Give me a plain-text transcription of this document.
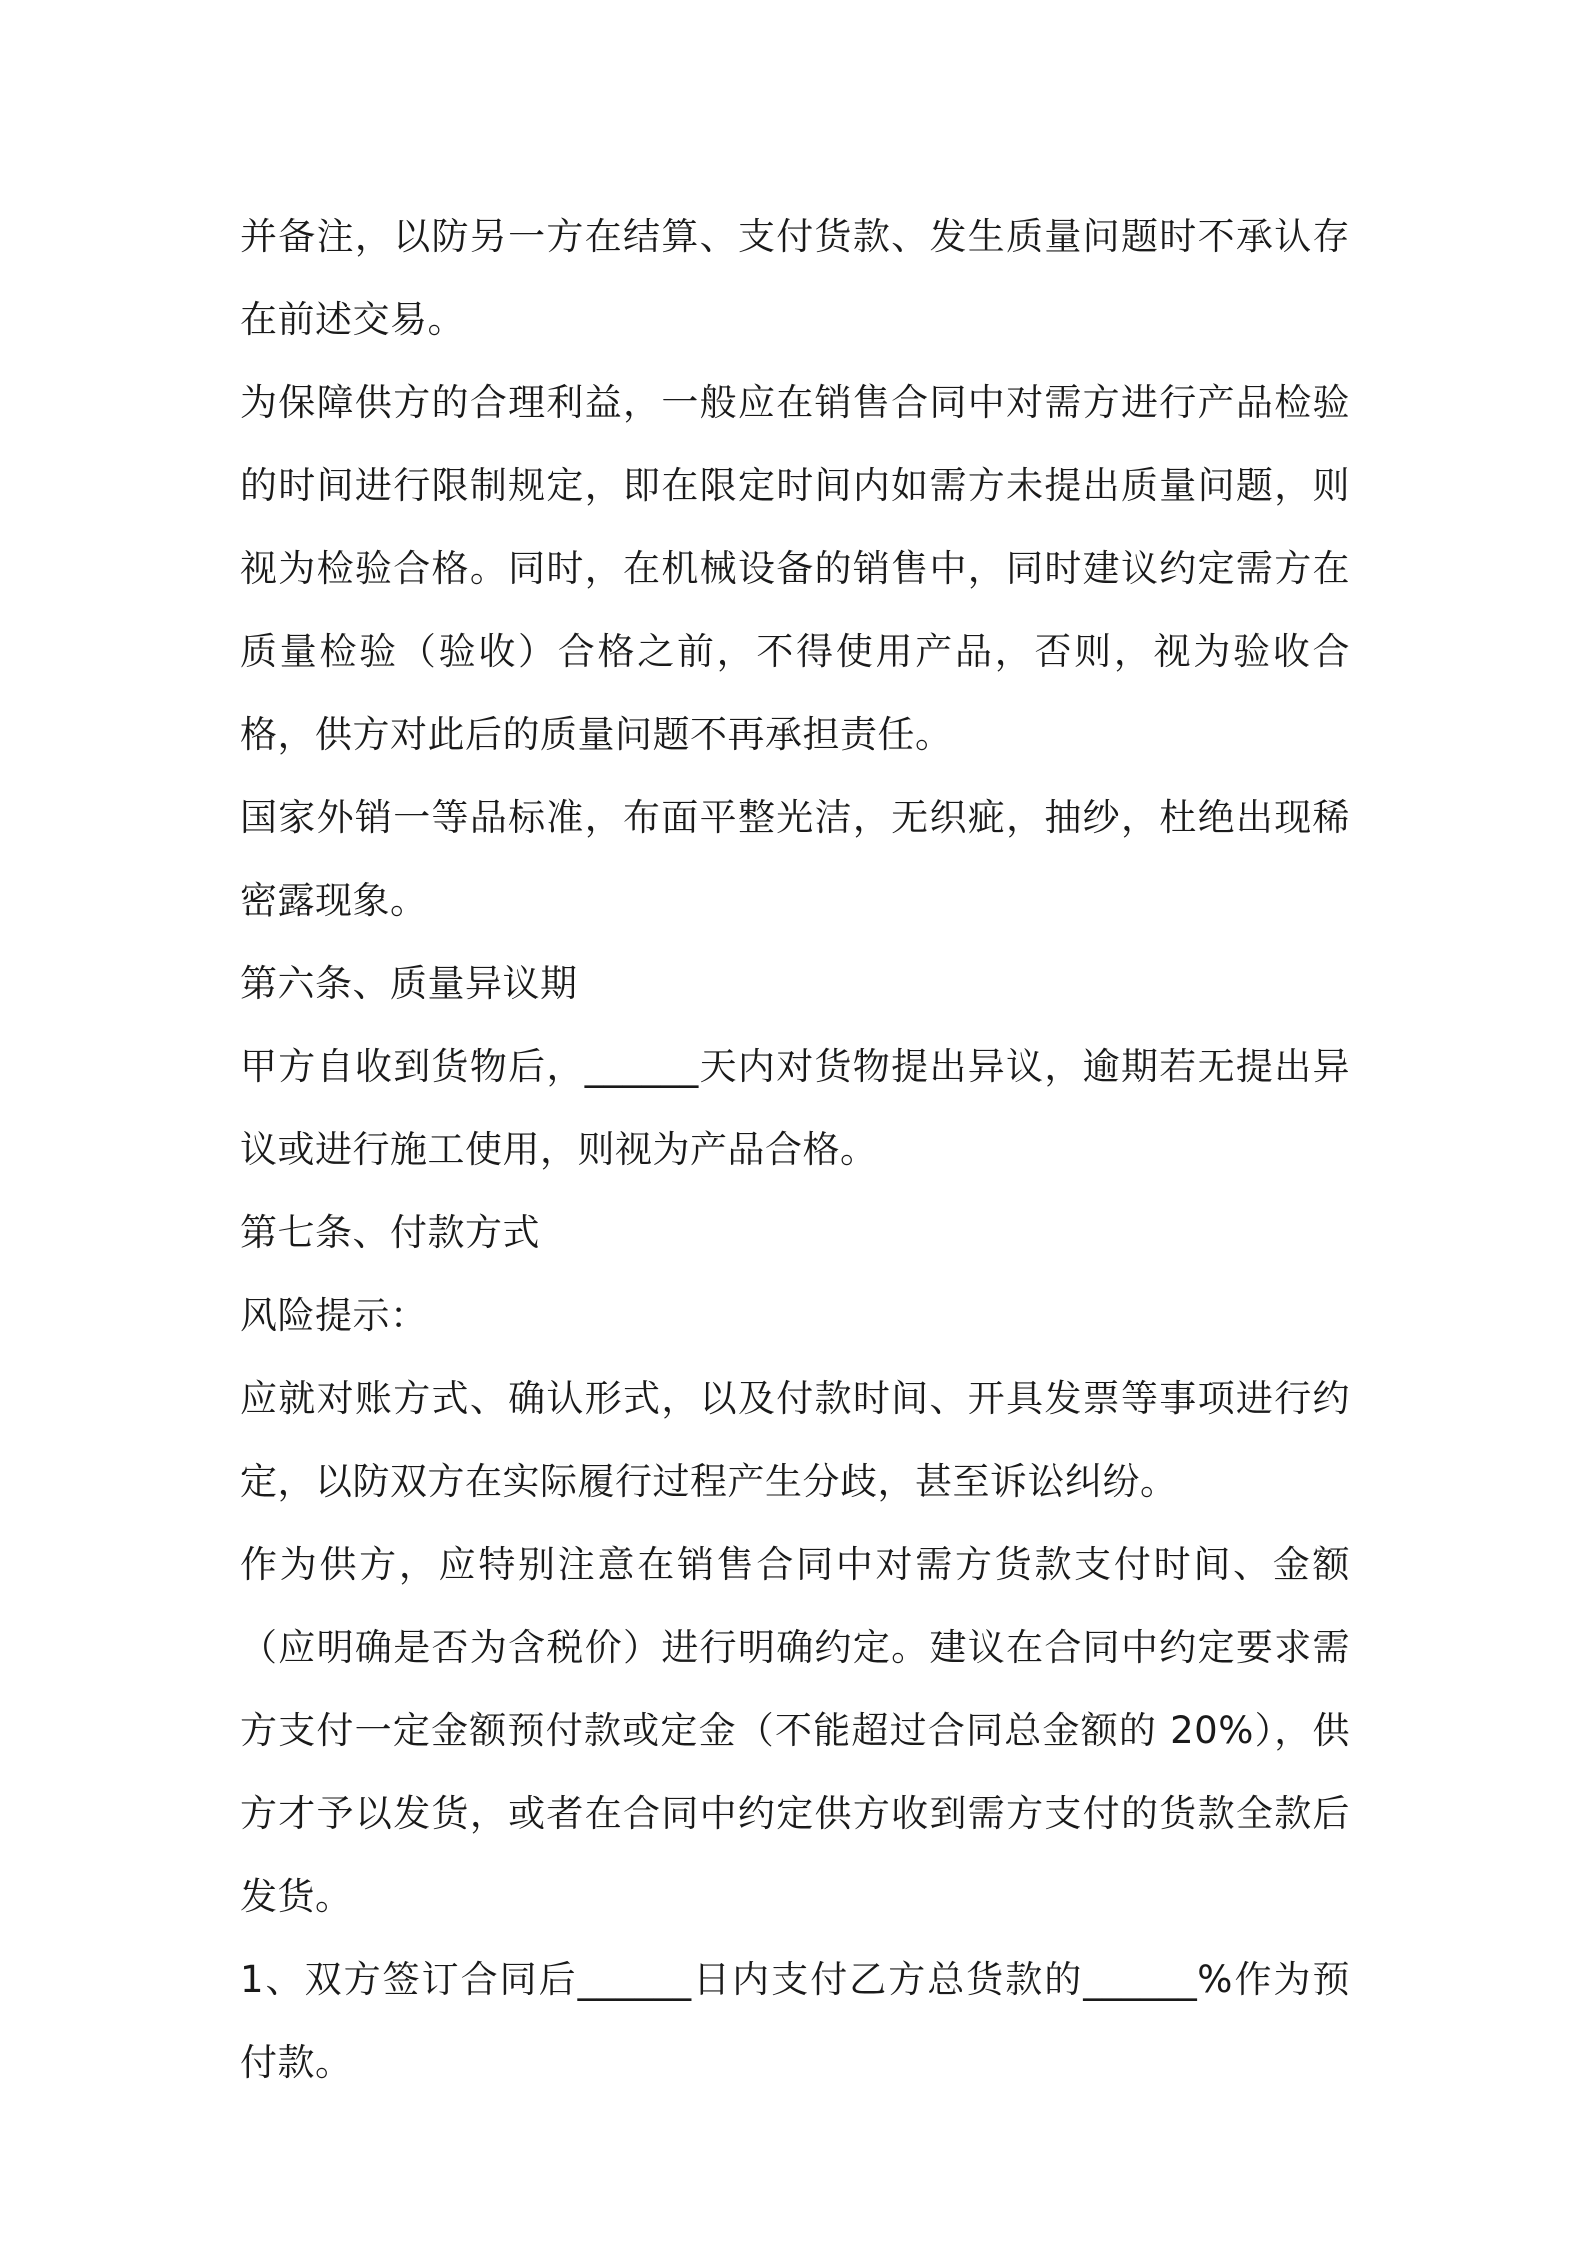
并备注，以防另一方在结算、支付货款、发生质量问题时不承认存在前述交易。

为保障供方的合理利益，一般应在销售合同中对需方进行产品检验的时间进行限制规定，即在限定时间内如需方未提出质量问题，则视为检验合格。同时，在机械设备的销售中，同时建议约定需方在质量检验（验收）合格之前，不得使用产品，否则，视为验收合格，供方对此后的质量问题不再承担责任。

国家外销一等品标准，布面平整光洁，无织疵，抽纱，杜绝出现稀密露现象。

第六条、质量异议期

甲方自收到货物后，______天内对货物提出异议，逾期若无提出异议或进行施工使用，则视为产品合格。

第七条、付款方式

风险提示：

应就对账方式、确认形式，以及付款时间、开具发票等事项进行约定，以防双方在实际履行过程产生分歧，甚至诉讼纠纷。

作为供方，应特别注意在销售合同中对需方货款支付时间、金额（应明确是否为含税价）进行明确约定。建议在合同中约定要求需方支付一定金额预付款或定金（不能超过合同总金额的 20%），供方才予以发货，或者在合同中约定供方收到需方支付的货款全款后发货。

1、双方签订合同后______日内支付乙方总货款的______%作为预付款。
